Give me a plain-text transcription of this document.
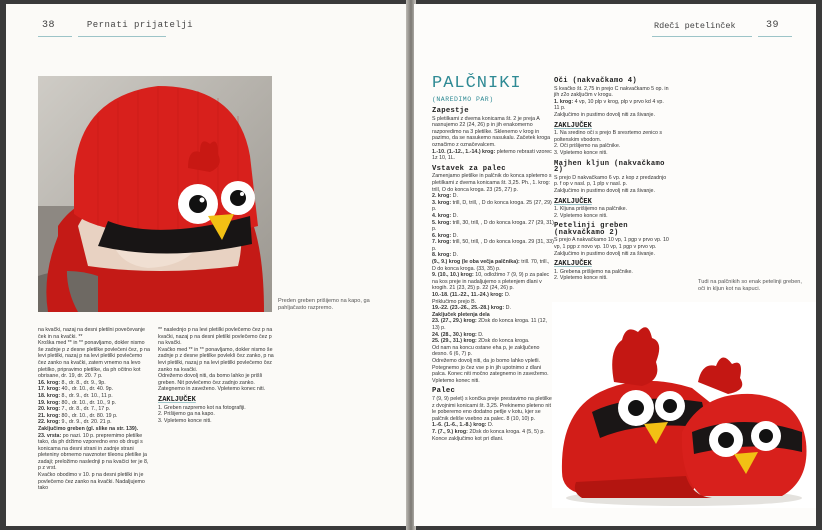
38	Pernati prijatelji
Preden greben prišijemo na kapo, ga pahljačasto razpremo.

na kvački, nazaj na desni pletilni povečevanje ček in na kvački. **

Kroška med ** in ** ponavljamo, dokler nismo še zadnje p z desne pletilke povlečeni čez, p na levi pletilki, nazaj p na levi pletilki povlečemo čez zanko na kvački, zatem vrnemo na levo pletilko, pripravimo pletilke, da ph očitno kot obrisane, dr. 19, dr. 20. 7 p.

16. krog: 8., dr. 8., dr. 9., 9p.

17. krog: 40., dr. 10., dr. 40. 9p.

18. krog: 8., dr. 9., dr. 10., 11 p.

19. krog: 80., dr. 10., dr. 10., 9 p.

20. krog: 7., dr. 8., dr. 7., 17 p.

21. krog: 80., dr. 10., dr. 80. 19 p.

22. krog: 9., dr. 9., dr. 20. 21 p.

Zaključimo greben (gl. slike na str. 139).

23. vrsta: po nazi. 10 p. prepremimo pletilke tako, da ph držimo vzporedno eno ob drugi s konicama na desni strani in zadnje strani pleteniny obrnemo navznoter tileonu pletilke ja zadaji; preložimo naslednji p na kvačici ter je 8, p z vrst.

Kvačko obodimo v 10. p na desni pletilki in je povlečemo čez zanko na kvački. Nadaljujemo tako

** naslednjo p na levi pletilki povlečemo čez p na kvački, nazaj p na desni pletilki povlečemo čez p na kvački.

Kvačko med ** in ** ponavljamo, dokler nismo še zadnje p z desne pletilke povlekli čez zanko, p na levi pletilki, nazaj p na levi pletilki povlečemo čez zanko na kvački.

Odrežemo dovolj niti, da bomo lahko je prišli greben. Nit povlečemo čez zadnjo zanko. Zategnemo in zaveženo. Vpletemo konec niti.

ZAKLJUČEK

1. Greben razpremo kot na fotografiji.

2. Prišijemo ga na kapo.

3. Vpletemo konce niti.

Rdeči petelinček	39
PALČNIKI
(NAREDIMO PAR)
Zapestje

S pletilkami z dvema konicama št. 2 je preja A nasnujemo 22 (24, 26) p in jih enakomerno razporedimo na 3 pletilke. Sklenemo v krog in pazimo, da se nasukemo nasukalu. Začetek kroga označimo z označevalcem.

1.-10. (1.-12., 1.-14.) krog: pletemo rebrasti vzorec 1z 10, 1L.

Vstavek za palec

Zamenjamo pletilke in palčnik do konca spletemo s pletilkami z dvema konicama št. 3,25. Ph., 1. krog: trill, O do konca kroga. 23 (25, 27) p.

2. krog: D.

3. krog: trill, D, trill, , D do konca kroga. 25 (27, 29) p.

4. krog: D.

5. krog: trill, 30, trill, , D do konca kroga. 27 (29, 31) p.

6. krog: D.

7. krog: trill, 50, trill, , D do konca kroga. 29 (31, 33) p.

8. krog: D.

(9., 9.) krog (le oba večja palčnika): trill. 70, trill., D do konca kroga. (33, 35) p.

9. (10., 10.) krog: 10, odložimo 7 (9, 9) p za palec na kos preje in nadaljujemo s pletenjem dlani v krogih. 21 (23, 25) p. 22 (24, 26) p.

10.-18. (11.-22., 11.-24.) krog: D.

Priklučimo prejo B.

19.-22. (23.-26., 25.-28.) krog: D.

Zaključek pletenja dela

23. (27., 29.) krog: 2Dsk do konca kroga. 11 (12, 13) p.

24. (28., 30.) krog: D.

25. (29., 31.) krog: 2Dsk do konca kroga.

Od nam na koncu ostane eha p, je zaključeno desno. 6 (6, 7) p.

Odrežemo dovolj niti, da jo bomo lahko vpletli. Potegnemo jo čez vse p in jih upotnimo z dlani palca. Konec niti močno zategnemo in zavežemo. Vpletemo konec niti.

Palec

7 (9, 9) pelet) s končka preje prestavimo na pletilke z dvojnimi konicami št. 3,25. Prekinemo pleteno nit le poberemo eno dodatno petlje v kotu, kjer se palčnik deliše vsebno za palec. 8 (10, 10) p.

1.-6. (1.-6., 1.-8.) krog: D.

7. (7., 9.) krog: 2Dsk do konca kroga. 4 (5, 5) p.

Konce zaključimo kot pri dlani.

Oči (nakvačkamo 4)

S kvačko št. 2,75 in prejo C nakvačkamo 5 op. in jih z2o zaključim v krogu.

1. krog: 4 vp, 10 plp v krog, plp v prvo kd 4 vp. 11 p.

Zaključimo in pustimo dovolj niti za šivanje.

ZAKLJUČEK

1. Na sredino oči s prejo B sresrtemo zenico s poltenskim vbodom.

2. Oči prišijemo na palčnike.

3. Vpletemo konce niti.

Majhen kljun (nakvačkamo 2)

S prejo D nakvačkamo 6 vp. z kop z predzadnjo p. f op v nasl. p, 1 plp v nasl. p.

Zaključimo in pustimo dovolj niti za šivanje.

ZAKLJUČEK

1. Kljuna prišijemo na palčnike.

2. Vpletemo konce niti.

Petelinji greben (nakvačkamo 2)

S prejo A nakvačkamo 10 vp, 1 pgp v prvo vp. 10 vp, 1 pgp z novo vp. 10 vp, 1 pgp v prvo vp.

Zaključimo in pustimo dovolj niti za šivanje.

ZAKLJUČEK

1. Grebena prišijemo na palčnike.

2. Vpletemo konce niti.

Tudi na palčnikih so enak petelinji greben, oči in kljun kot na kapuci.
